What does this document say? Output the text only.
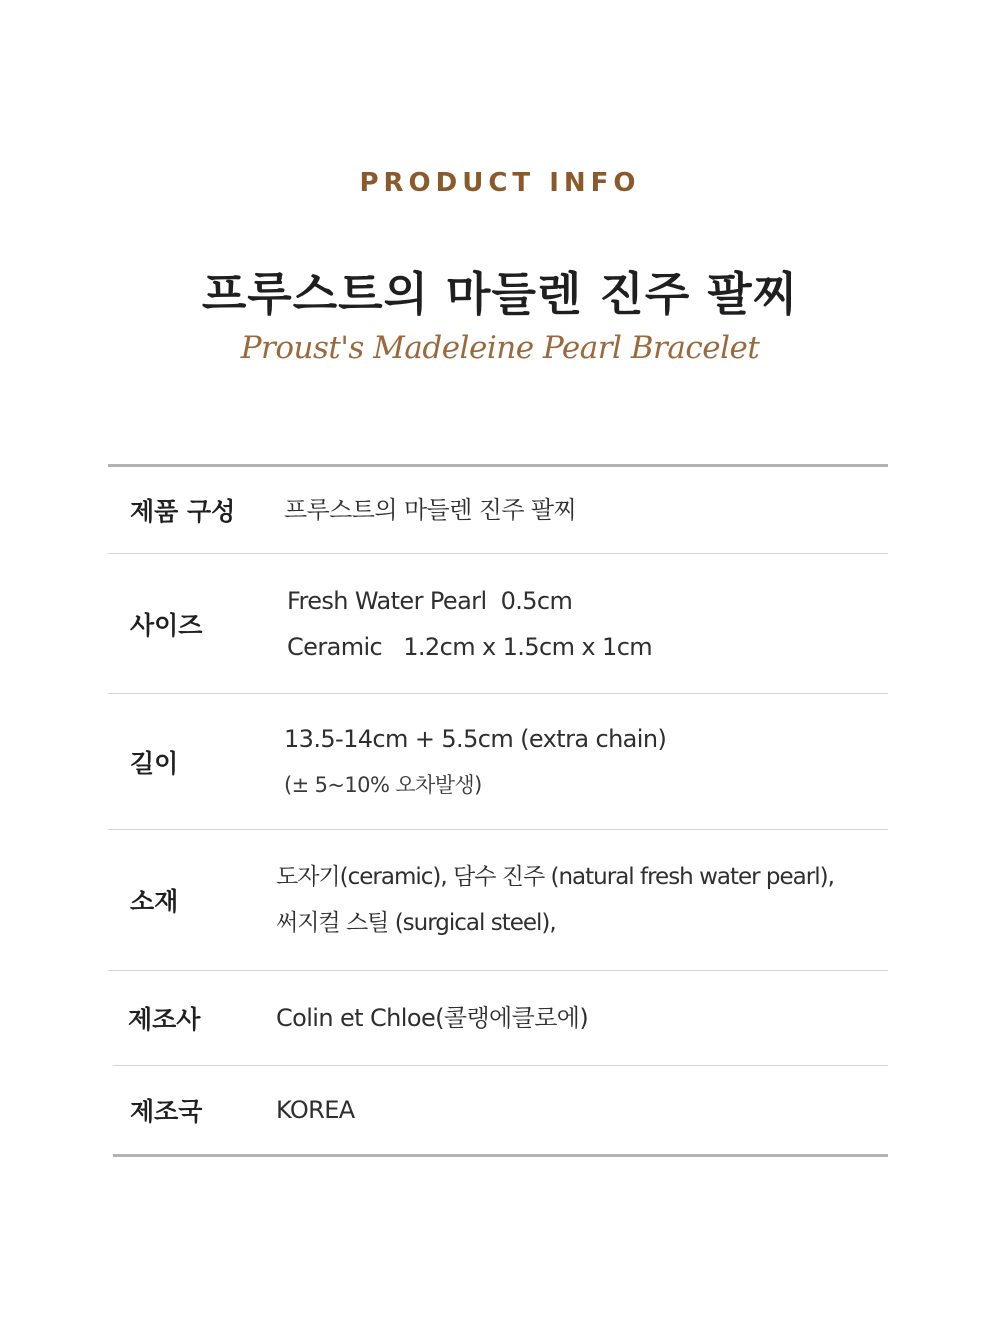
PRODUCT INFO
프루스트의 마들렌 진주 팔찌
Proust's Madeleine Pearl Bracelet
제품 구성 프루스트의 마들렌 진주 팔찌
사이즈
Fresh Water Pearl  0.5cm
Ceramic   1.2cm x 1.5cm x 1cm
길이
13.5-14cm + 5.5cm (extra chain)
(± 5~10% 오차발생)
소재
도자기(ceramic), 담수 진주 (natural fresh water pearl),
써지컬 스틸 (surgical steel),
제조사	Colin et Chloe(콜랭에클로에)
제조국	KOREA
